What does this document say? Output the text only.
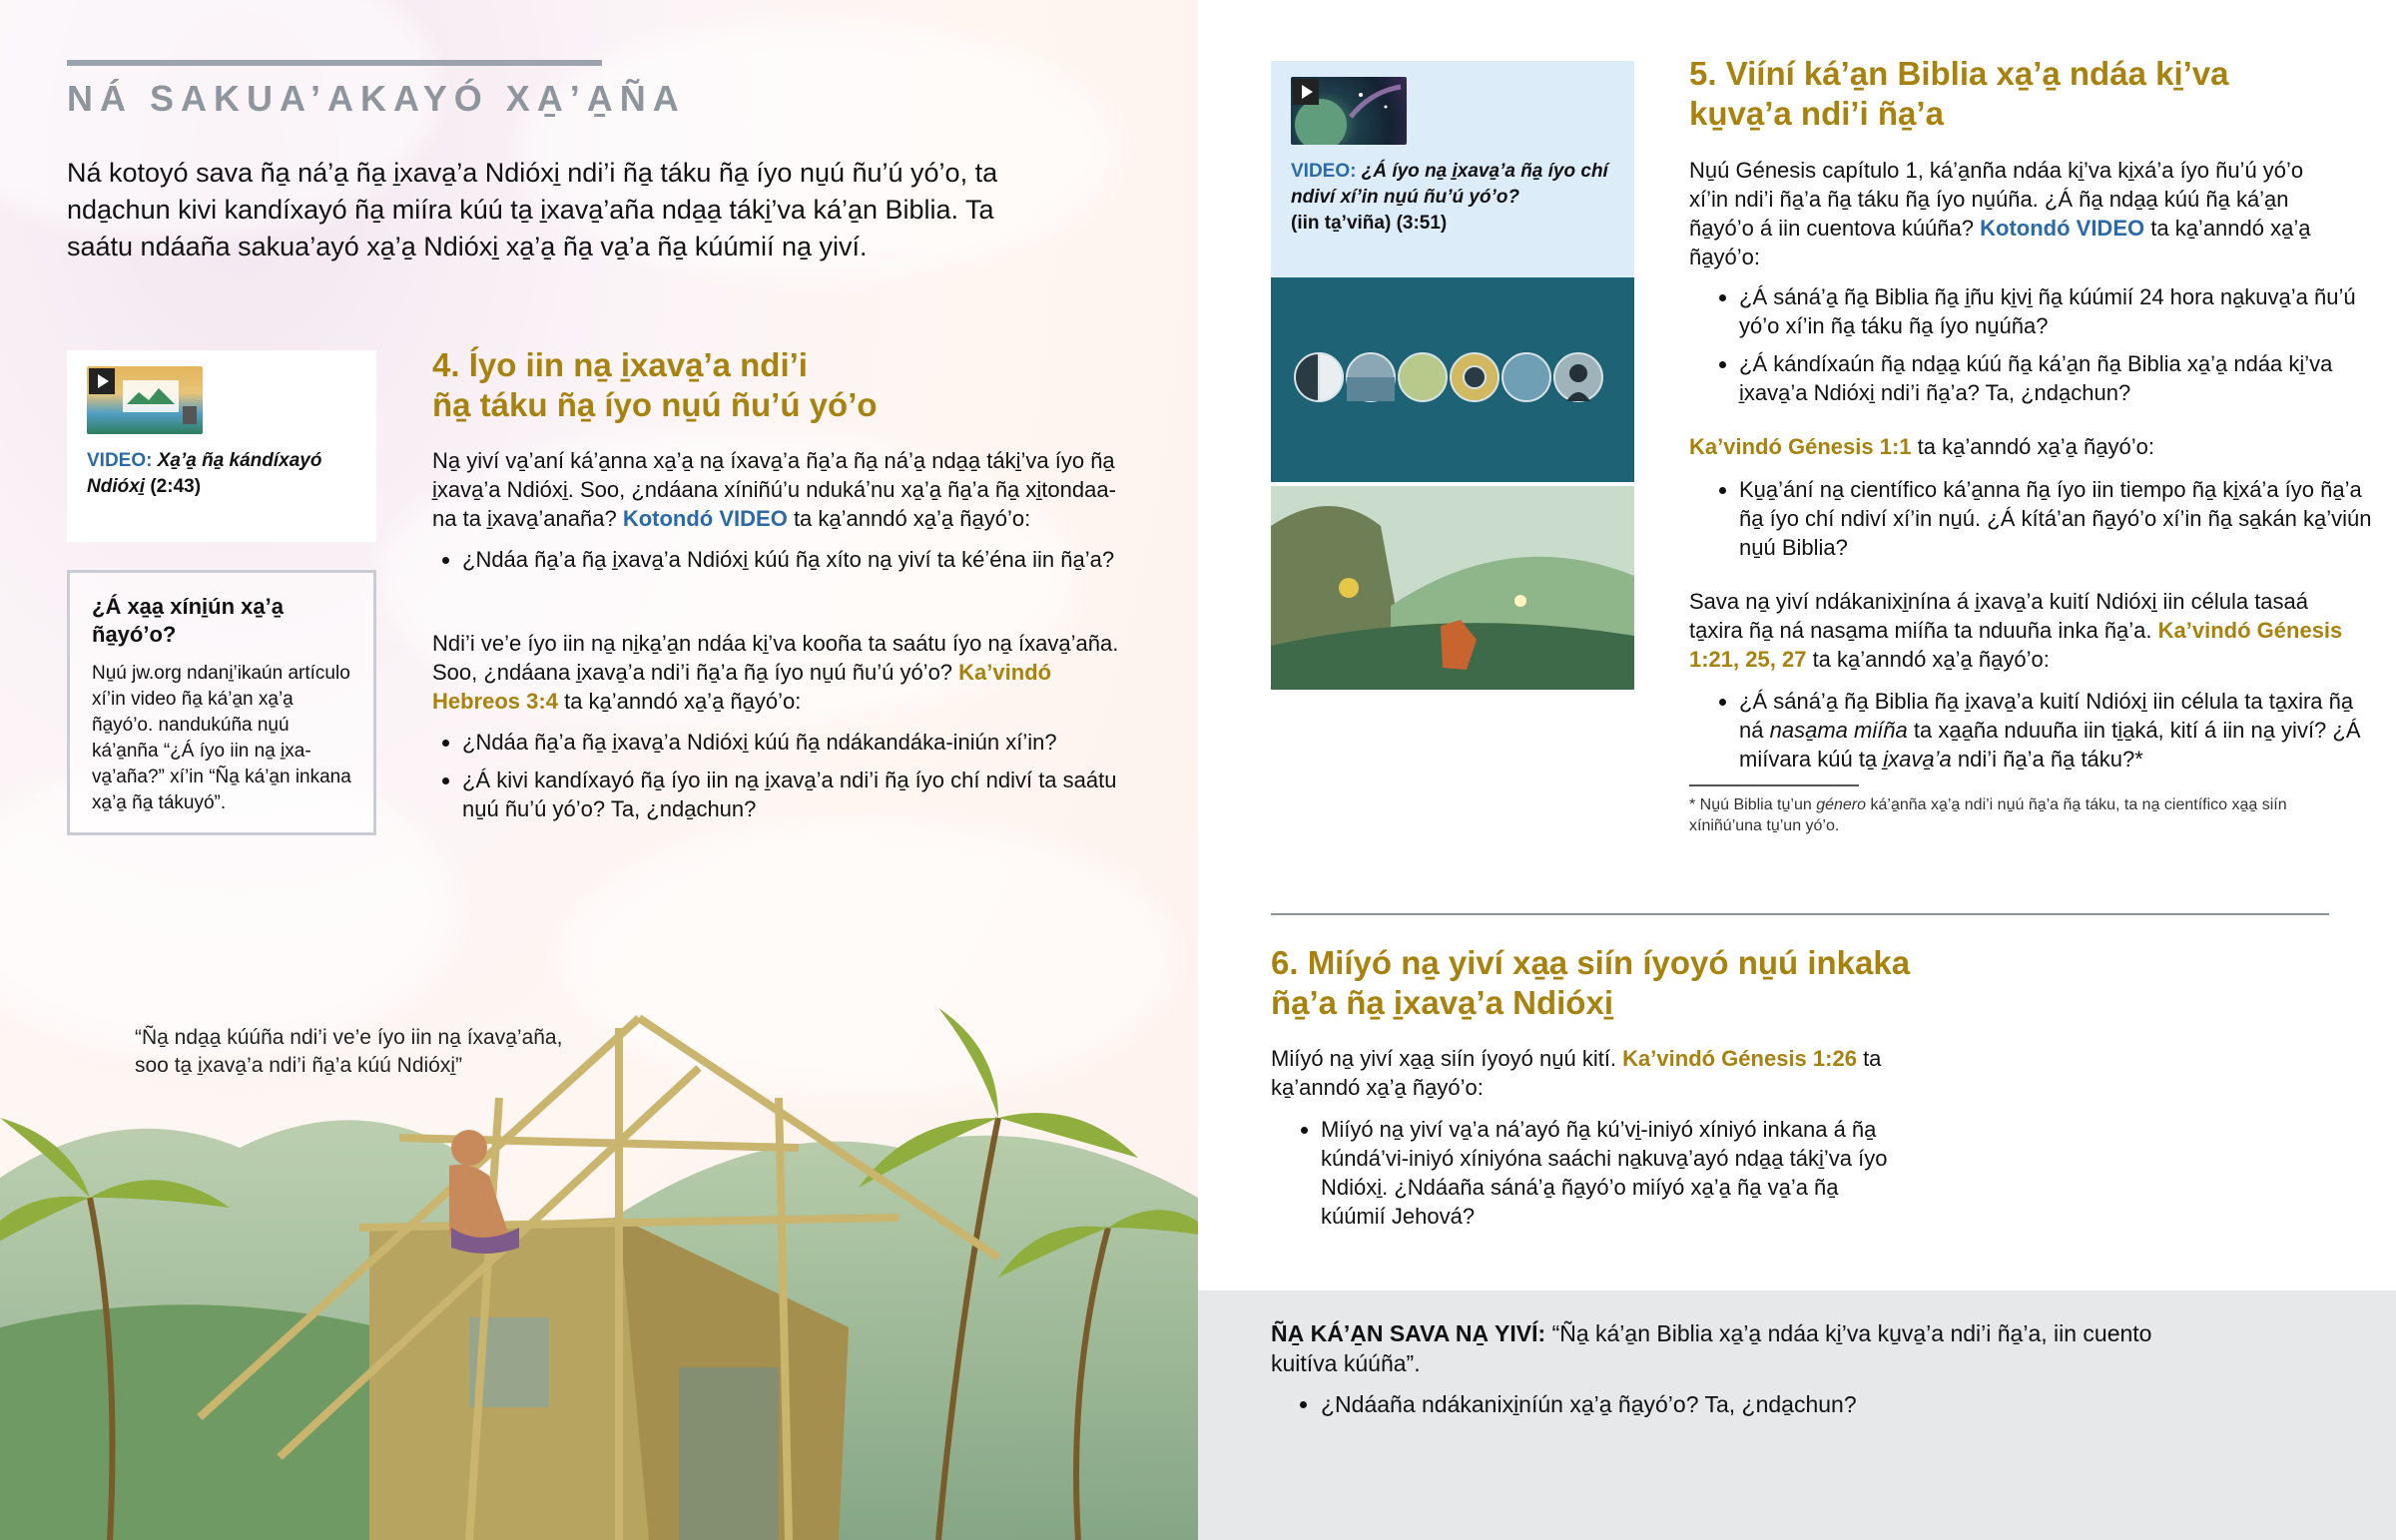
NÁ SAKUA’AKAYÓ XA̱’A̱ÑA

Ná kotoyó sava ña̱ ná’a̱ ña̱ i̱xava̱’a Ndióxi̱ ndi’i ña̱ táku ña̱ íyo nu̱ú ñu’ú yó’o, ta nda̱chun kivi kandíxayó ña̱ miíra kúú ta̱ i̱xava̱’aña nda̱a̱ táki̱’va ká’a̱n Biblia. Ta saátu ndáaña sakua’ayó xa̱’a̱ Ndióxi̱ xa̱’a̱ ña̱ va̱’a ña̱ kúúmií na̱ yiví.

VIDEO: Xa̱’a̱ ña̱ kándíxayó Ndióxi̱ (2:43)
¿Á xa̱a̱ xíni̱ún xa̱’a̱ ña̱yó’o?

Nu̱ú jw.org ndani̱’ikaún artículo xí’in video ña̱ ká’a̱n xa̱’a̱ ña̱yó’o. nandukúña nu̱ú ká’a̱nña “¿Á íyo iin na̱ i̱xa-va̱’aña?” xí’in “Ña̱ ká’a̱n inkana xa̱’a̱ ña̱ tákuyó”.

4. Íyo iin na̱ i̱xava̱’a ndi’i
ña̱ táku ña̱ íyo nu̱ú ñu’ú yó’o

Na̱ yiví va̱’aní ká’a̱nna xa̱’a̱ na̱ íxava̱’a ña̱’a ña̱ ná’a̱ nda̱a̱ táki̱’va íyo ña̱ i̱xava̱’a Ndióxi̱. Soo, ¿ndáana xíniñú’u ndukáʼnu xa̱’a̱ ña̱’a ña̱ xi̱tondaa-na ta i̱xava̱’anaña? Kotondó VIDEO ta ka̱’anndó xa̱’a̱ ña̱yó’o:

• ¿Ndáa ña̱’a ña̱ i̱xava̱’a Ndióxi̱ kúú ña̱ xíto na̱ yiví ta kéʼéna iin ña̱’a?

Ndi’i ve’e íyo iin na̱ ni̱ka̱’a̱n ndáa ki̱’va kooña ta saátu íyo na̱ íxava̱’aña. Soo, ¿ndáana i̱xava̱’a ndi’i ña̱’a ña̱ íyo nu̱ú ñu’ú yó’o? Ka’vindó Hebreos 3:4 ta ka̱’anndó xa̱’a̱ ña̱yó’o:

• ¿Ndáa ña̱’a ña̱ i̱xava̱’a Ndióxi̱ kúú ña̱ ndákandáka-iniún xí’in?
• ¿Á kivi kandíxayó ña̱ íyo iin na̱ i̱xava̱’a ndi’i ña̱ íyo chí ndiví ta saátu nu̱ú ñu’ú yó’o? Ta, ¿nda̱chun?

“Ña̱ nda̱a̱ kúúña ndi’i ve’e íyo iin na̱ íxava̱’aña, soo ta̱ i̱xava̱’a ndi’i ña̱’a kúú Ndióxi̱”

VIDEO: ¿Á íyo na̱ i̱xava̱’a ña̱ íyo chí ndiví xí’in nu̱ú ñu’ú yó’o?
(iin ta̱’viña) (3:51)
5. Viíní ká’a̱n Biblia xa̱’a̱ ndáa ki̱’va
ku̱va̱’a ndi’i ña̱’a

Nu̱ú Génesis capítulo 1, ká’a̱nña ndáa ki̱’va ki̱xá’a íyo ñu’ú yó’o xí’in ndi’i ña̱’a ña̱ táku ña̱ íyo nu̱úña. ¿Á ña̱ nda̱a̱ kúú ña̱ ká’a̱n ña̱yó’o á iin cuentova kúúña? Kotondó VIDEO ta ka̱’anndó xa̱’a̱ ña̱yó’o:

• ¿Á sáná’a̱ ña̱ Biblia ña̱ i̱ñu ki̱vi̱ ña̱ kúúmií 24 hora na̱kuva̱’a ñu’ú yó’o xí’in ña̱ táku ña̱ íyo nu̱úña?
• ¿Á kándíxaún ña̱ nda̱a̱ kúú ña̱ ká’a̱n ña̱ Biblia xa̱’a̱ ndáa ki̱’va i̱xava̱’a Ndióxi̱ ndi’i ña̱’a? Ta, ¿nda̱chun?

Ka’vindó Génesis 1:1 ta ka̱’anndó xa̱’a̱ ña̱yó’o:

• Ku̱a̱’ání na̱ científico ká’a̱nna ña̱ íyo iin tiempo ña̱ ki̱xá’a íyo ña̱’a ña̱ íyo chí ndiví xí’in nu̱ú. ¿Á kítá’an ña̱yó’o xí’in ña̱ sa̱kán ka̱’viún nu̱ú Biblia?

Sava na̱ yiví ndákanixi̱nína á i̱xava̱’a kuití Ndióxi̱ iin célula tasaá ta̱xira ña̱ ná nasa̱ma miíña ta nduuña inka ña̱’a. Ka’vindó Génesis 1:21, 25, 27 ta ka̱’anndó xa̱’a̱ ña̱yó’o:

• ¿Á sáná’a̱ ña̱ Biblia ña̱ i̱xava̱’a kuití Ndióxi̱ iin célula ta ta̱xira ña̱ ná nasa̱ma miíña ta xa̱a̱ña nduuña iin ti̱a̱ká, kití á iin na̱ yiví? ¿Á miívara kúú ta̱ i̱xava̱’a ndi’i ña̱’a ña̱ táku?*

* Nu̱ú Biblia tu̱’un génerо ká’a̱nña xa̱’a̱ ndi’i nu̱ú ña̱’a ña̱ táku, ta na̱ científico xa̱a̱ siín xíniñú’una tu̱’un yó’o.

6. Miíyó na̱ yiví xa̱a̱ siín íyoyó nu̱ú inkaka
ña̱’a ña̱ i̱xava̱’a Ndióxi̱

Miíyó na̱ yiví xa̱a̱ siín íyoyó nu̱ú kití. Ka’vindó Génesis 1:26 ta ka̱’anndó xa̱’a̱ ña̱yó’o:

• Miíyó na̱ yiví va̱’a ná’ayó ña̱ kú’vi̱-iniyó xíniyó inkana á ña̱ kúndá’vi-iniyó xíniyóna saáchi na̱kuva̱’ayó nda̱a̱ táki̱’va íyo Ndióxi̱. ¿Ndáaña sáná’a̱ ña̱yó’o miíyó xa̱’a̱ ña̱ va̱’a ña̱ kúúmií Jehová?

ÑA̱ KÁ’A̱N SAVA NA̱ YIVÍ: “Ña̱ ká’a̱n Biblia xa̱’a̱ ndáa ki̱’va ku̱va̱’a ndi’i ña̱’a, iin cuento kuitíva kúúña”.

• ¿Ndáaña ndákanixi̱níún xa̱’a̱ ña̱yó’o? Ta, ¿nda̱chun?
